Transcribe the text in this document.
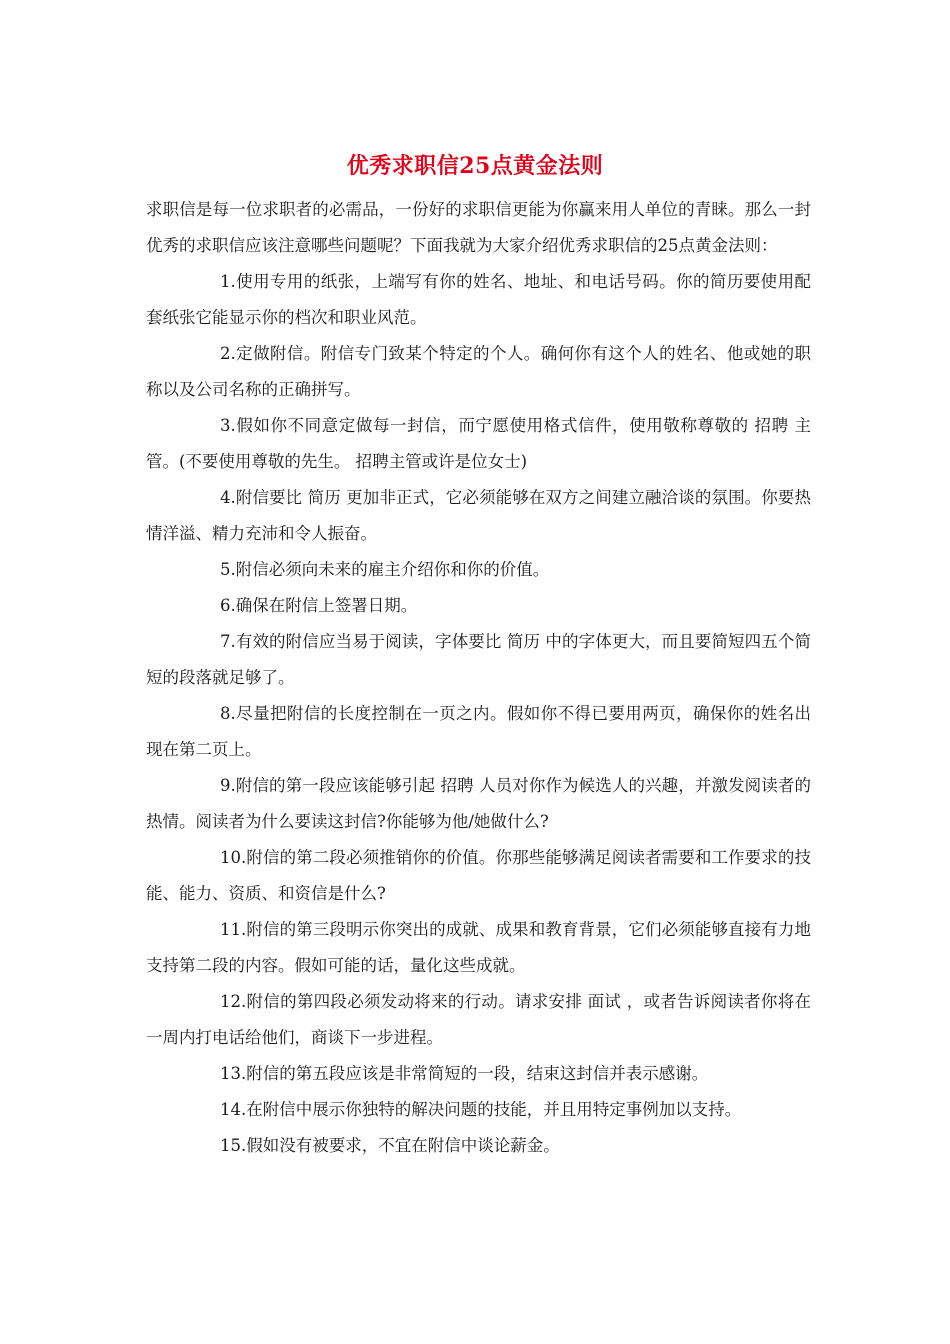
优秀求职信25点黄金法则

求职信是每一位求职者的必需品，一份好的求职信更能为你赢来用人单位的青睐。那么一封优秀的求职信应该注意哪些问题呢？下面我就为大家介绍优秀求职信的25点黄金法则：

1.使用专用的纸张，上端写有你的姓名、地址、和电话号码。你的简历要使用配套纸张它能显示你的档次和职业风范。

2.定做附信。附信专门致某个特定的个人。确何你有这个人的姓名、他或她的职称以及公司名称的正确拼写。

3.假如你不同意定做每一封信，而宁愿使用格式信件，使用敬称尊敬的 招聘 主管。(不要使用尊敬的先生。 招聘主管或许是位女士)

4.附信要比 简历 更加非正式，它必须能够在双方之间建立融洽谈的氛围。你要热情洋溢、精力充沛和令人振奋。

5.附信必须向未来的雇主介绍你和你的价值。

6.确保在附信上签署日期。

7.有效的附信应当易于阅读，字体要比 简历 中的字体更大，而且要简短四五个简短的段落就足够了。

8.尽量把附信的长度控制在一页之内。假如你不得已要用两页，确保你的姓名出现在第二页上。

9.附信的第一段应该能够引起 招聘 人员对你作为候选人的兴趣，并激发阅读者的热情。阅读者为什么要读这封信?你能够为他/她做什么?

10.附信的第二段必须推销你的价值。你那些能够满足阅读者需要和工作要求的技能、能力、资质、和资信是什么?

11.附信的第三段明示你突出的成就、成果和教育背景，它们必须能够直接有力地支持第二段的内容。假如可能的话，量化这些成就。

12.附信的第四段必须发动将来的行动。请求安排 面试 ，或者告诉阅读者你将在一周内打电话给他们，商谈下一步进程。

13.附信的第五段应该是非常简短的一段，结束这封信并表示感谢。

14.在附信中展示你独特的解决问题的技能，并且用特定事例加以支持。

15.假如没有被要求，不宜在附信中谈论薪金。
